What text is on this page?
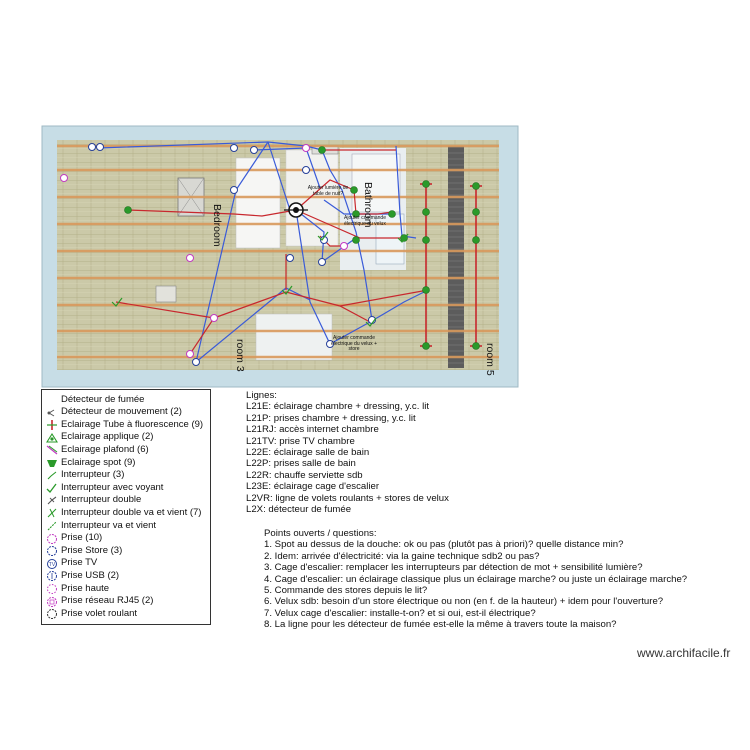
Bedroom	Bathroom
room 3	room 5
Ajouter lumière de table de nuit?
Ajouter commande électrique du velux
Ajouter commande électrique du velux + store
Détecteur de fumée
Détecteur de mouvement (2)
Eclairage Tube à fluorescence (9)
Eclairage applique (2)
Eclairage plafond (6)
Eclairage spot (9)
Interrupteur (3)
Interrupteur avec voyant
Interrupteur double
Interrupteur double va et vient (7)
Interrupteur va et vient
Prise (10)
Prise Store (3)
TV Prise TV
Prise USB (2)
Prise haute
Prise réseau RJ45 (2)
Prise volet roulant
Lignes:
L21E: éclairage chambre + dressing, y.c. lit
L21P: prises chambre + dressing, y.c. lit
L21RJ: accès internet chambre
L21TV: prise TV chambre
L22E: éclairage salle de bain
L22P: prises salle de bain
L22R: chauffe serviette sdb
L23E: éclairage cage d'escalier
L2VR: ligne de volets roulants + stores de velux
L2X: détecteur de fumée
Points ouverts / questions:
1. Spot au dessus de la douche: ok ou pas (plutôt pas à priori)? quelle distance min?
2. Idem: arrivée d'électricité: via la gaine technique sdb2 ou pas?
3. Cage d'escalier: remplacer les interrupteurs par détection de mot + sensibilité lumière?
4. Cage d'escalier: un éclairage classique plus un éclairage marche? ou juste un éclairage marche?
5. Commande des stores depuis le lit?
6. Velux sdb: besoin d'un store électrique ou non (en f. de la hauteur) + idem pour l'ouverture?
7. Velux cage d'escalier: installe-t-on? et si oui, est-il électrique?
8. La ligne pour les détecteur de fumée est-elle la même à travers toute la maison?
www.archifacile.fr
